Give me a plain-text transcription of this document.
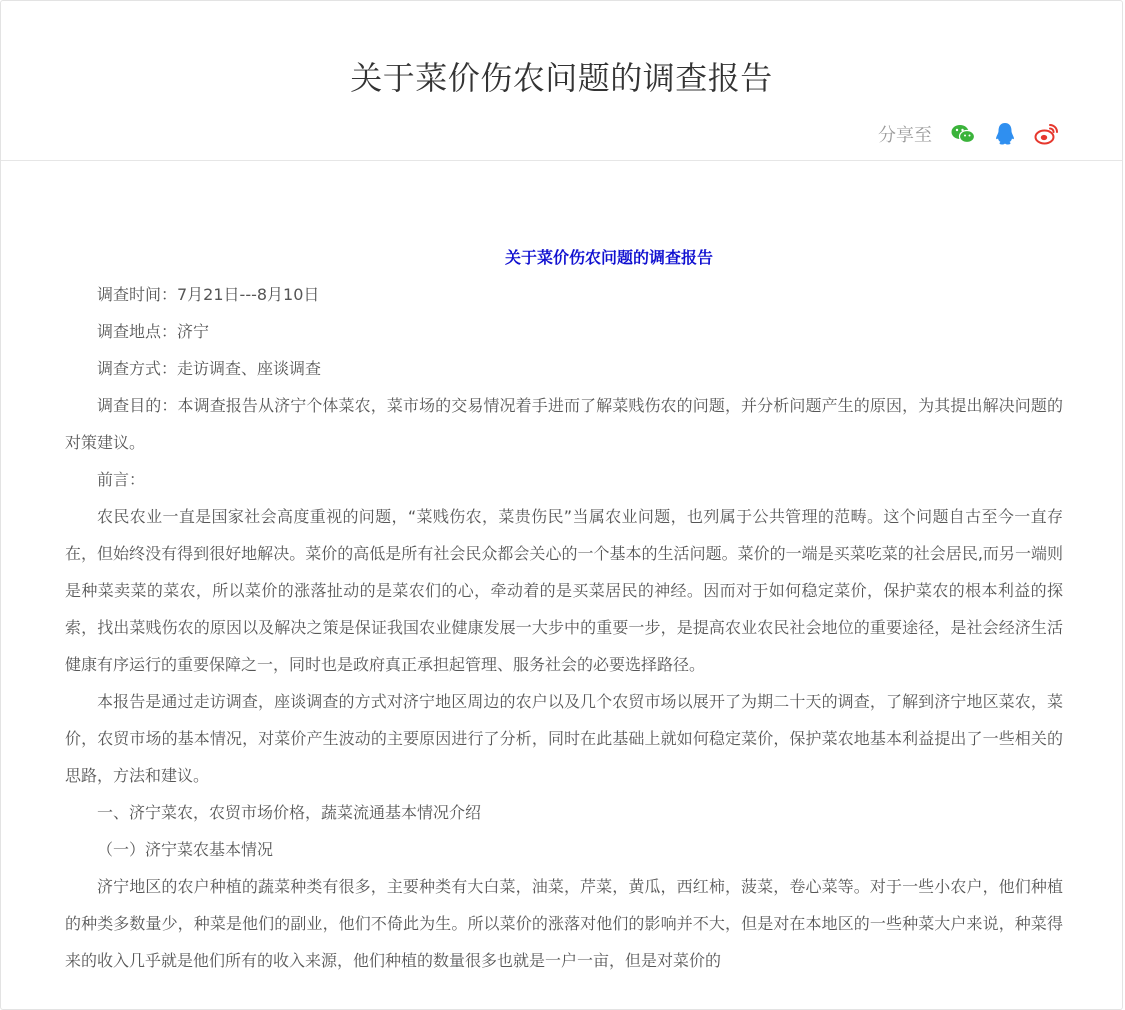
关于菜价伤农问题的调查报告
分享至
关于菜价伤农问题的调查报告

调查时间：7月21日---8月10日

调查地点：济宁

调查方式：走访调查、座谈调查

调查目的：本调查报告从济宁个体菜农，菜市场的交易情况着手进而了解菜贱伤农的问题，并分析问题产生的原因，为其提出解决问题的对策建议。

前言：

农民农业一直是国家社会高度重视的问题，“菜贱伤农，菜贵伤民”当属农业问题，也列属于公共管理的范畴。这个问题自古至今一直存在，但始终没有得到很好地解决。菜价的高低是所有社会民众都会关心的一个基本的生活问题。菜价的一端是买菜吃菜的社会居民,而另一端则是种菜卖菜的菜农，所以菜价的涨落扯动的是菜农们的心，牵动着的是买菜居民的神经。因而对于如何稳定菜价，保护菜农的根本利益的探索，找出菜贱伤农的原因以及解决之策是保证我国农业健康发展一大步中的重要一步，是提高农业农民社会地位的重要途径，是社会经济生活健康有序运行的重要保障之一，同时也是政府真正承担起管理、服务社会的必要选择路径。

本报告是通过走访调查，座谈调查的方式对济宁地区周边的农户以及几个农贸市场以展开了为期二十天的调查，了解到济宁地区菜农，菜价，农贸市场的基本情况，对菜价产生波动的主要原因进行了分析，同时在此基础上就如何稳定菜价，保护菜农地基本利益提出了一些相关的思路，方法和建议。

一、济宁菜农，农贸市场价格，蔬菜流通基本情况介绍

（一）济宁菜农基本情况

济宁地区的农户种植的蔬菜种类有很多，主要种类有大白菜，油菜，芹菜，黄瓜，西红柿，菠菜，卷心菜等。对于一些小农户，他们种植的种类多数量少，种菜是他们的副业，他们不倚此为生。所以菜价的涨落对他们的影响并不大，但是对在本地区的一些种菜大户来说，种菜得来的收入几乎就是他们所有的收入来源，他们种植的数量很多也就是一户一亩，但是对菜价的
